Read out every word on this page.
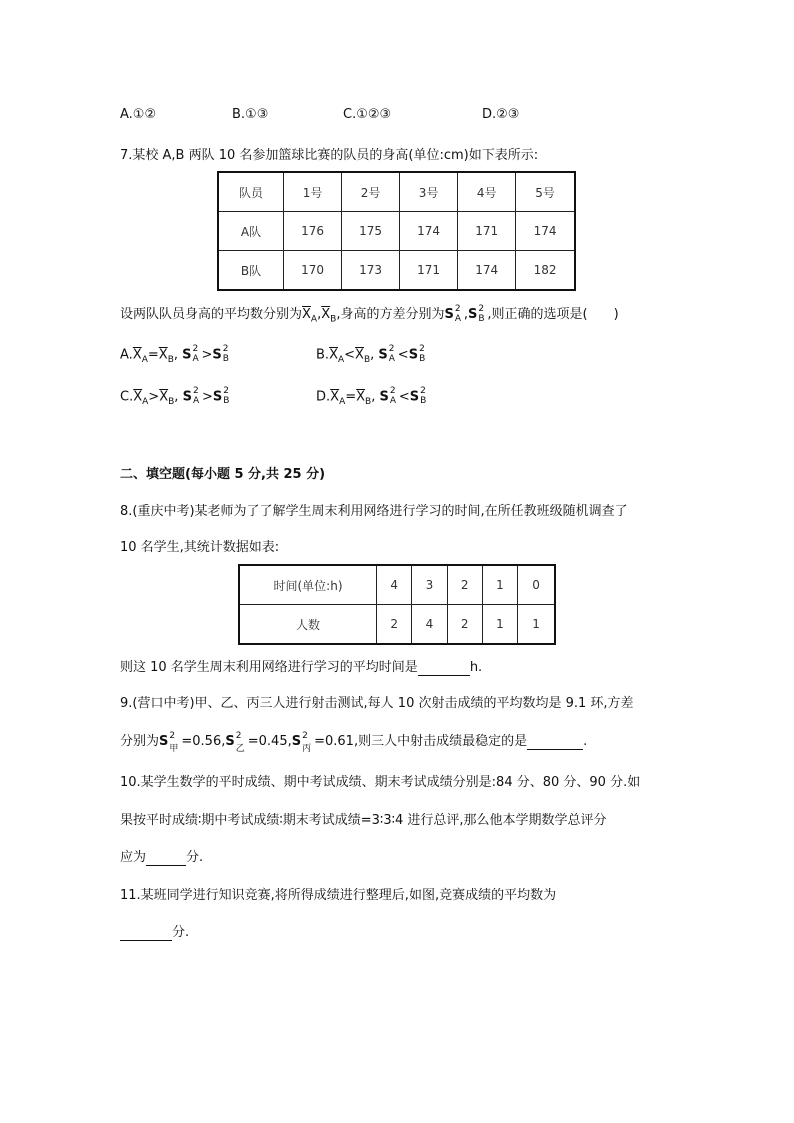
A.①②	B.①③	C.①②③	D.②③
7.某校 A,B 两队 10 名参加篮球比赛的队员的身高(单位:cm)如下表所示:
队员	1号	2号	3号	4号	5号
A队	176	175	174	171	174
B队	170	173	171	174	182
设两队队员身高的平均数分别为$\overline{X}_A,\overline{X}_B$,身高的方差分别为S 2
A ,S 2
B ,则正确的选项是(　　)
$A.\overline{X}_A=\overline{X}_B$, S 2
A >S 2
B	$B.\overline{X}_A<\overline{X}_B$, S 2
A <S 2
B
$C.\overline{X}_A>\overline{X}_B$, S 2
A >S 2
B	$D.\overline{X}_A=\overline{X}_B$, S 2
A <S 2
B
二、填空题(每小题 5 分,共 25 分)
8.(重庆中考)某老师为了了解学生周末利用网络进行学习的时间,在所任教班级随机调查了
10 名学生,其统计数据如表:
时间(单位:h)	4	3	2	1	0
人数	2	4	2	1	1
则这 10 名学生周末利用网络进行学习的平均时间是	h.
9.(营口中考)甲、乙、丙三人进行射击测试,每人 10 次射击成绩的平均数均是 9.1 环,方差
分别为S 2
甲 =0.56,S 2
乙 =0.45,S 2
丙 =0.61,则三人中射击成绩最稳定的是	.
10.某学生数学的平时成绩、期中考试成绩、期末考试成绩分别是:84 分、80 分、90 分.如
果按平时成绩∶期中考试成绩∶期末考试成绩=3∶3∶4 进行总评,那么他本学期数学总评分
应为	分.
11.某班同学进行知识竞赛,将所得成绩进行整理后,如图,竞赛成绩的平均数为
分.
